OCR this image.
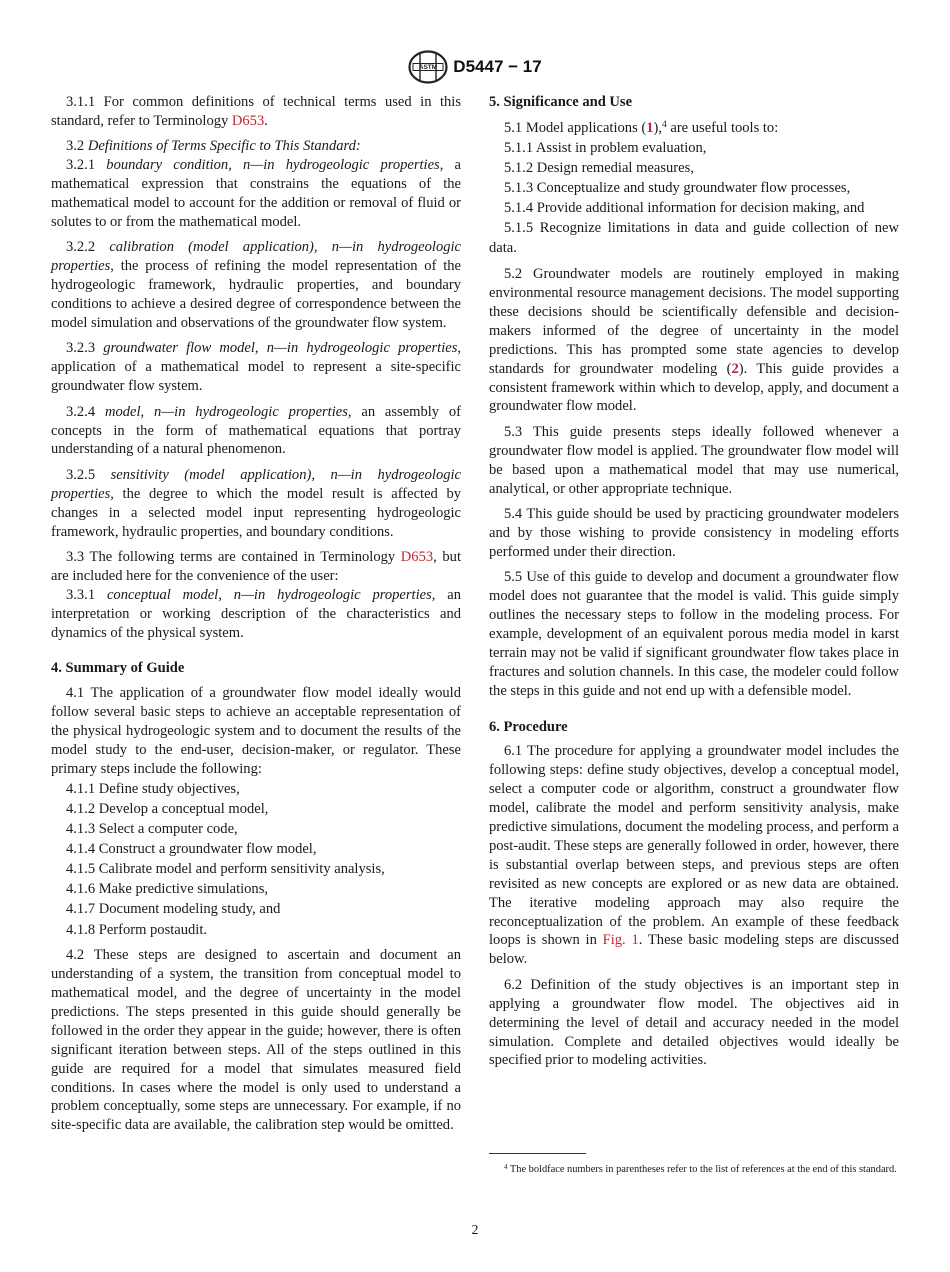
ASTM D5447 − 17

3.1.1 For common definitions of technical terms used in this standard, refer to Terminology D653.

3.2 Definitions of Terms Specific to This Standard:

3.2.1 boundary condition, n—in hydrogeologic properties, a mathematical expression that constrains the equations of the mathematical model to account for the addition or removal of fluid or solutes to or from the mathematical model.

3.2.2 calibration (model application), n—in hydrogeologic properties, the process of refining the model representation of the hydrogeologic framework, hydraulic properties, and boundary conditions to achieve a desired degree of correspondence between the model simulation and observations of the groundwater flow system.

3.2.3 groundwater flow model, n—in hydrogeologic properties, application of a mathematical model to represent a site-specific groundwater flow system.

3.2.4 model, n—in hydrogeologic properties, an assembly of concepts in the form of mathematical equations that portray understanding of a natural phenomenon.

3.2.5 sensitivity (model application), n—in hydrogeologic properties, the degree to which the model result is affected by changes in a selected model input representing hydrogeologic framework, hydraulic properties, and boundary conditions.

3.3 The following terms are contained in Terminology D653, but are included here for the convenience of the user:

3.3.1 conceptual model, n—in hydrogeologic properties, an interpretation or working description of the characteristics and dynamics of the physical system.

4. Summary of Guide

4.1 The application of a groundwater flow model ideally would follow several basic steps to achieve an acceptable representation of the physical hydrogeologic system and to document the results of the model study to the end-user, decision-maker, or regulator. These primary steps include the following:

4.1.1 Define study objectives,

4.1.2 Develop a conceptual model,

4.1.3 Select a computer code,

4.1.4 Construct a groundwater flow model,

4.1.5 Calibrate model and perform sensitivity analysis,

4.1.6 Make predictive simulations,

4.1.7 Document modeling study, and

4.1.8 Perform postaudit.

4.2 These steps are designed to ascertain and document an understanding of a system, the transition from conceptual model to mathematical model, and the degree of uncertainty in the model predictions. The steps presented in this guide should generally be followed in the order they appear in the guide; however, there is often significant iteration between steps. All of the steps outlined in this guide are required for a model that simulates measured field conditions. In cases where the model is only used to understand a problem conceptually, some steps are unnecessary. For example, if no site-specific data are available, the calibration step would be omitted.

5. Significance and Use

5.1 Model applications (1),$^4$ are useful tools to:

5.1.1 Assist in problem evaluation,

5.1.2 Design remedial measures,

5.1.3 Conceptualize and study groundwater flow processes,

5.1.4 Provide additional information for decision making, and

5.1.5 Recognize limitations in data and guide collection of new data.

5.2 Groundwater models are routinely employed in making environmental resource management decisions. The model supporting these decisions should be scientifically defensible and decision-makers informed of the degree of uncertainty in the model predictions. This has prompted some state agencies to develop standards for groundwater modeling (2). This guide provides a consistent framework within which to develop, apply, and document a groundwater flow model.

5.3 This guide presents steps ideally followed whenever a groundwater flow model is applied. The groundwater flow model will be based upon a mathematical model that may use numerical, analytical, or other appropriate technique.

5.4 This guide should be used by practicing groundwater modelers and by those wishing to provide consistency in modeling efforts performed under their direction.

5.5 Use of this guide to develop and document a groundwater flow model does not guarantee that the model is valid. This guide simply outlines the necessary steps to follow in the modeling process. For example, development of an equivalent porous media model in karst terrain may not be valid if significant groundwater flow takes place in fractures and solution channels. In this case, the modeler could follow the steps in this guide and not end up with a defensible model.

6. Procedure

6.1 The procedure for applying a groundwater model includes the following steps: define study objectives, develop a conceptual model, select a computer code or algorithm, construct a groundwater flow model, calibrate the model and perform sensitivity analysis, make predictive simulations, document the modeling process, and perform a post-audit. These steps are generally followed in order, however, there is substantial overlap between steps, and previous steps are often revisited as new concepts are explored or as new data are obtained. The iterative modeling approach may also require the reconceptualization of the problem. An example of these feedback loops is shown in Fig. 1. These basic modeling steps are discussed below.

6.2 Definition of the study objectives is an important step in applying a groundwater flow model. The objectives aid in determining the level of detail and accuracy needed in the model simulation. Complete and detailed objectives would ideally be specified prior to modeling activities.

$^4$ The boldface numbers in parentheses refer to the list of references at the end of this standard.
2
